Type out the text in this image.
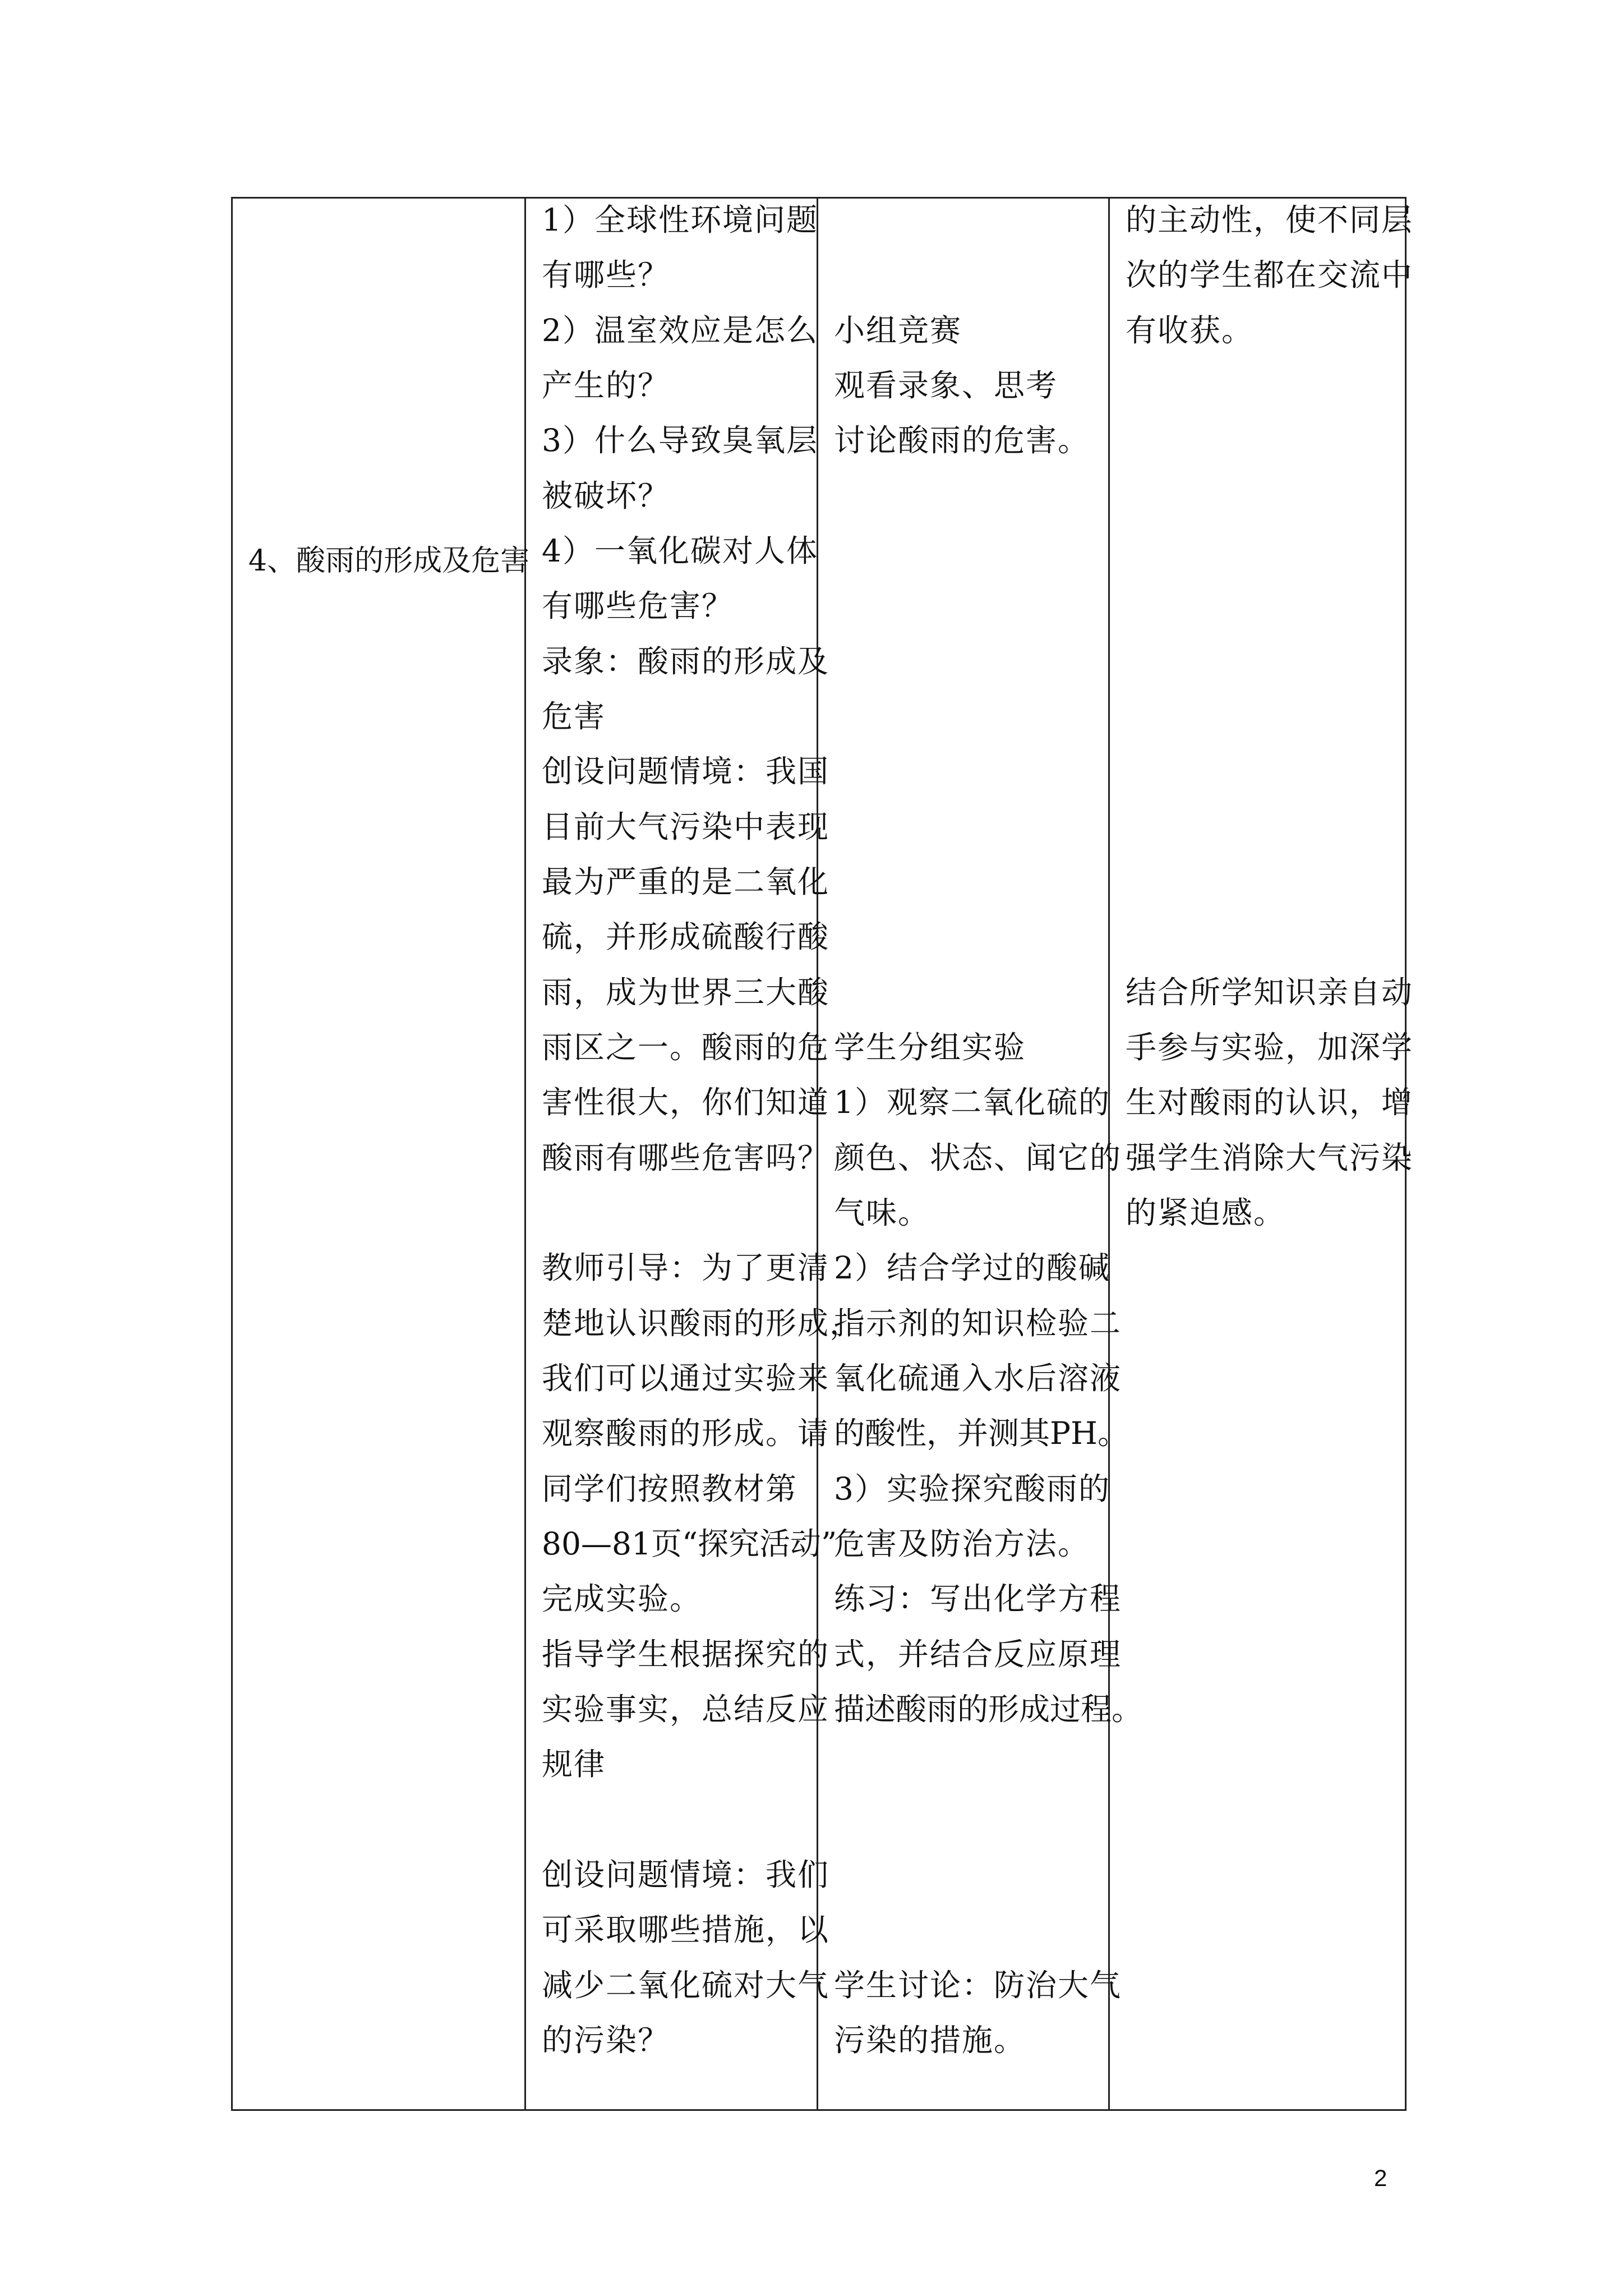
4、酸雨的形成及危害
1）全球性环境问题
有哪些？
2）温室效应是怎么
产生的？
3）什么导致臭氧层
被破坏？
4）一氧化碳对人体
有哪些危害？
录象：酸雨的形成及
危害
创设问题情境：我国
目前大气污染中表现
最为严重的是二氧化
硫，并形成硫酸行酸
雨，成为世界三大酸
雨区之一。酸雨的危
害性很大，你们知道
酸雨有哪些危害吗？
教师引导：为了更清
楚地认识酸雨的形成，
我们可以通过实验来
观察酸雨的形成。请
同学们按照教材第
80—81页“探究活动”
完成实验。
指导学生根据探究的
实验事实，总结反应
规律
创设问题情境：我们
可采取哪些措施，以
减少二氧化硫对大气
的污染？
小组竞赛
观看录象、思考
讨论酸雨的危害。
学生分组实验
1）观察二氧化硫的
颜色、状态、闻它的
气味。
2）结合学过的酸碱
指示剂的知识检验二
氧化硫通入水后溶液
的酸性，并测其PH。
3）实验探究酸雨的
危害及防治方法。
练习：写出化学方程
式，并结合反应原理
描述酸雨的形成过程。
学生讨论：防治大气
污染的措施。
的主动性，使不同层
次的学生都在交流中
有收获。
结合所学知识亲自动
手参与实验，加深学
生对酸雨的认识，增
强学生消除大气污染
的紧迫感。
2
